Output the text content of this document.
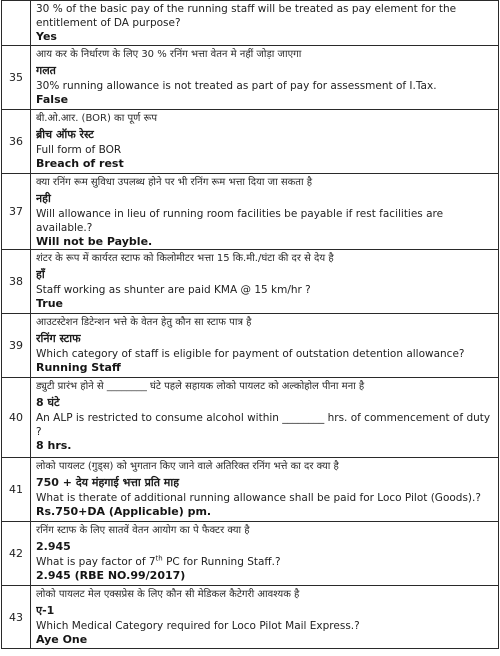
	30 % of the basic pay of the running staff will be treated as pay element for the entitlement of DA purpose?
Yes

35	आय कर के निर्धारण के लिए 30 % रनिंग भत्ता वेतन मे नहीं जोड़ा जाएगा
गलत
30% running allowance is not treated as part of pay for assessment of I.Tax.
False

36	बी.ओ.आर. (BOR) का पूर्ण रूप
ब्रीच ऑफ रेस्ट
Full form of BOR
Breach of rest

37	क्या रनिंग रूम सुविधा उपलब्ध होने पर भी रनिंग रूम भत्ता दिया जा सकता है
नही
Will allowance in lieu of running room facilities be payable if rest facilities are available.?
Will not be Payble.

38	शंटर के रूप में कार्यरत स्टाफ को किलोमीटर भत्ता 15 कि.मी./घंटा की दर से देय है
हाँ
Staff working as shunter are paid KMA @ 15 km/hr ?
True

39	आउटस्टेशन डिटेन्शन भत्ते के वेतन हेतु कौन सा स्टाफ पात्र है
रनिंग स्टाफ
Which category of staff is eligible for payment of outstation detention allowance?
Running Staff

40	ड्युटी प्रारंभ होने से ________ घंटे पहले सहायक लोको पायलट को अल्कोहोल पीना मना है
8 घंटे
An ALP is restricted to consume alcohol within ________ hrs. of commencement of duty ?
8 hrs.

41	लोको पायलट (गुड्स) को भुगतान किए जाने वाले अतिरिक्त रनिंग भत्ते का दर क्या है
750 + देय मंहगाई भत्ता प्रति माह
What is therate of additional running allowance shall be paid for Loco Pilot (Goods).?
Rs.750+DA (Applicable) pm.

42	रनिंग स्टाफ के लिए सातवें वेतन आयोग का पे फैक्टर क्या है
2.945
What is pay factor of 7th PC for Running Staff.?
2.945 (RBE NO.99/2017)

43	लोको पायलट मेल एक्सप्रेस के लिए कौन सी मेडिकल कैटेगरी आवश्यक है
ए-1
Which Medical Category required for Loco Pilot Mail Express.?
Aye One
